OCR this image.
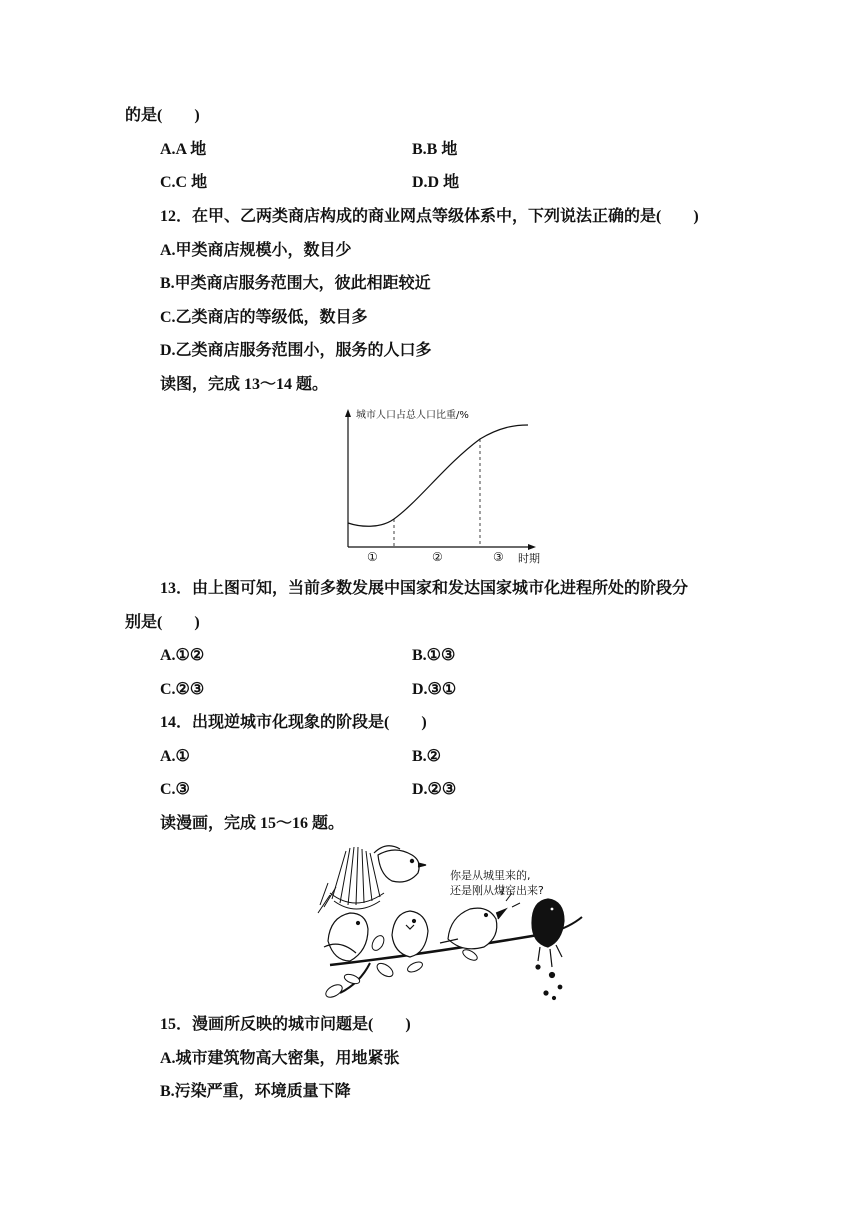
的是(　　)
A.A 地	B.B 地
C.C 地	D.D 地
12．在甲、乙两类商店构成的商业网点等级体系中，下列说法正确的是(　　)
A.甲类商店规模小，数目少
B.甲类商店服务范围大，彼此相距较近
C.乙类商店的等级低，数目多
D.乙类商店服务范围小，服务的人口多
读图，完成 13～14 题。
城市人口占总人口比重/%
①	②	③ 时期
13．由上图可知，当前多数发展中国家和发达国家城市化进程所处的阶段分
别是(　　)
A.①②	B.①③
C.②③	D.③①
14．出现逆城市化现象的阶段是(　　)
A.①	B.②
C.③	D.②③
读漫画，完成 15～16 题。
你是从城里来的,
还是刚从煤窑出来?
15．漫画所反映的城市问题是(　　)
A.城市建筑物高大密集，用地紧张
B.污染严重，环境质量下降
